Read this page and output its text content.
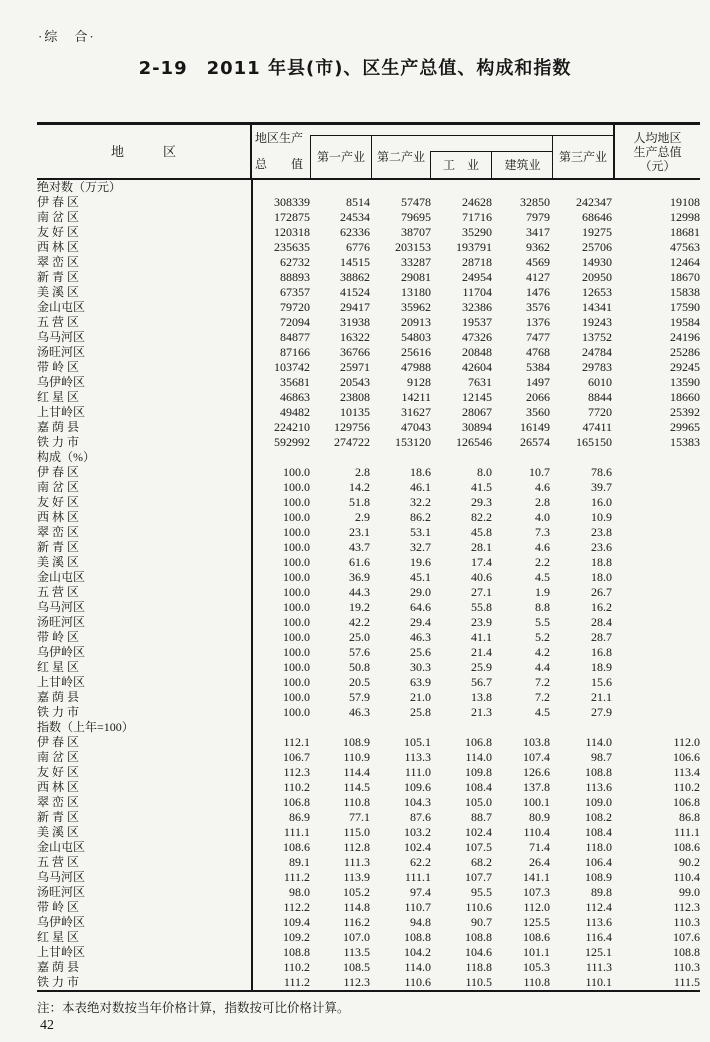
·综　合·
2-19　2011 年县(市)、区生产总值、构成和指数
地　　　区
地区生产
总　　值	第一产业 第二产业
工　业	建筑业
第三产业
人均地区
生产总值
（元）
绝对数（万元）							
伊 春 区	308339	8514	57478	24628	32850	242347	19108
南 岔 区	172875	24534	79695	71716	7979	68646	12998
友 好 区	120318	62336	38707	35290	3417	19275	18681
西 林 区	235635	6776	203153	193791	9362	25706	47563
翠 峦 区	62732	14515	33287	28718	4569	14930	12464
新 青 区	88893	38862	29081	24954	4127	20950	18670
美 溪 区	67357	41524	13180	11704	1476	12653	15838
金山屯区	79720	29417	35962	32386	3576	14341	17590
五 营 区	72094	31938	20913	19537	1376	19243	19584
乌马河区	84877	16322	54803	47326	7477	13752	24196
汤旺河区	87166	36766	25616	20848	4768	24784	25286
带 岭 区	103742	25971	47988	42604	5384	29783	29245
乌伊岭区	35681	20543	9128	7631	1497	6010	13590
红 星 区	46863	23808	14211	12145	2066	8844	18660
上甘岭区	49482	10135	31627	28067	3560	7720	25392
嘉 荫 县	224210	129756	47043	30894	16149	47411	29965
铁 力 市	592992	274722	153120	126546	26574	165150	15383
构成（%）							
伊 春 区	100.0	2.8	18.6	8.0	10.7	78.6	
南 岔 区	100.0	14.2	46.1	41.5	4.6	39.7	
友 好 区	100.0	51.8	32.2	29.3	2.8	16.0	
西 林 区	100.0	2.9	86.2	82.2	4.0	10.9	
翠 峦 区	100.0	23.1	53.1	45.8	7.3	23.8	
新 青 区	100.0	43.7	32.7	28.1	4.6	23.6	
美 溪 区	100.0	61.6	19.6	17.4	2.2	18.8	
金山屯区	100.0	36.9	45.1	40.6	4.5	18.0	
五 营 区	100.0	44.3	29.0	27.1	1.9	26.7	
乌马河区	100.0	19.2	64.6	55.8	8.8	16.2	
汤旺河区	100.0	42.2	29.4	23.9	5.5	28.4	
带 岭 区	100.0	25.0	46.3	41.1	5.2	28.7	
乌伊岭区	100.0	57.6	25.6	21.4	4.2	16.8	
红 星 区	100.0	50.8	30.3	25.9	4.4	18.9	
上甘岭区	100.0	20.5	63.9	56.7	7.2	15.6	
嘉 荫 县	100.0	57.9	21.0	13.8	7.2	21.1	
铁 力 市	100.0	46.3	25.8	21.3	4.5	27.9	
指数（上年=100）							
伊 春 区	112.1	108.9	105.1	106.8	103.8	114.0	112.0
南 岔 区	106.7	110.9	113.3	114.0	107.4	98.7	106.6
友 好 区	112.3	114.4	111.0	109.8	126.6	108.8	113.4
西 林 区	110.2	114.5	109.6	108.4	137.8	113.6	110.2
翠 峦 区	106.8	110.8	104.3	105.0	100.1	109.0	106.8
新 青 区	86.9	77.1	87.6	88.7	80.9	108.2	86.8
美 溪 区	111.1	115.0	103.2	102.4	110.4	108.4	111.1
金山屯区	108.6	112.8	102.4	107.5	71.4	118.0	108.6
五 营 区	89.1	111.3	62.2	68.2	26.4	106.4	90.2
乌马河区	111.2	113.9	111.1	107.7	141.1	108.9	110.4
汤旺河区	98.0	105.2	97.4	95.5	107.3	89.8	99.0
带 岭 区	112.2	114.8	110.7	110.6	112.0	112.4	112.3
乌伊岭区	109.4	116.2	94.8	90.7	125.5	113.6	110.3
红 星 区	109.2	107.0	108.8	108.8	108.6	116.4	107.6
上甘岭区	108.8	113.5	104.2	104.6	101.1	125.1	108.8
嘉 荫 县	110.2	108.5	114.0	118.8	105.3	111.3	110.3
铁 力 市	111.2	112.3	110.6	110.5	110.8	110.1	111.5
注：本表绝对数按当年价格计算，指数按可比价格计算。
42
